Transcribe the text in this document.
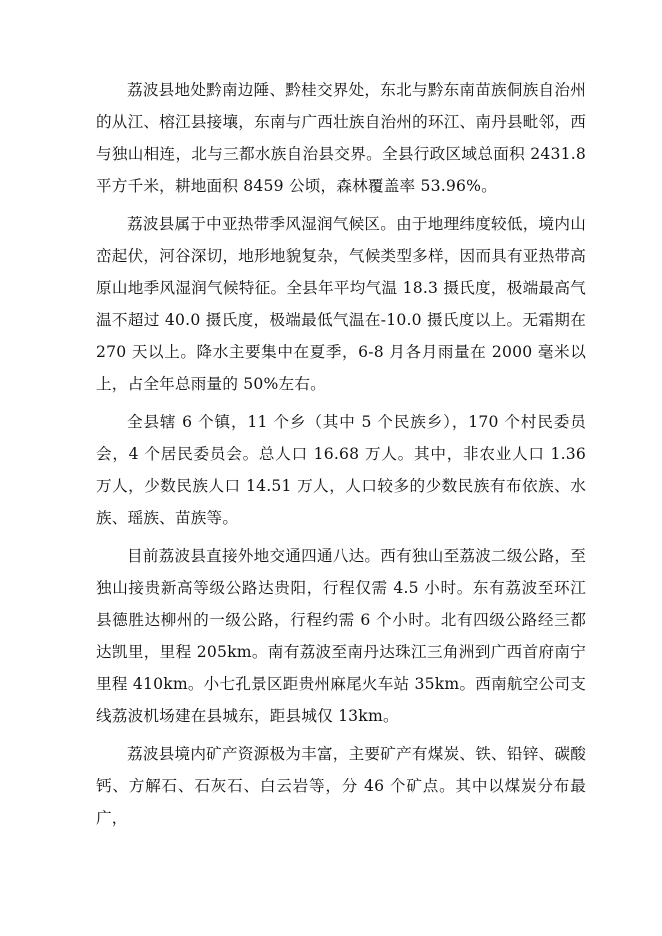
荔波县地处黔南边陲、黔桂交界处，东北与黔东南苗族侗族自治州的从江、榕江县接壤，东南与广西壮族自治州的环江、南丹县毗邻，西与独山相连，北与三都水族自治县交界。全县行政区域总面积 2431.8 平方千米，耕地面积 8459 公顷，森林覆盖率 53.96%。

荔波县属于中亚热带季风湿润气候区。由于地理纬度较低，境内山峦起伏，河谷深切，地形地貌复杂，气候类型多样，因而具有亚热带高原山地季风湿润气候特征。全县年平均气温 18.3 摄氏度，极端最高气温不超过 40.0 摄氏度，极端最低气温在-10.0 摄氏度以上。无霜期在 270 天以上。降水主要集中在夏季，6-8 月各月雨量在 2000 毫米以上，占全年总雨量的 50%左右。

全县辖 6 个镇，11 个乡（其中 5 个民族乡），170 个村民委员会，4 个居民委员会。总人口 16.68 万人。其中，非农业人口 1.36 万人，少数民族人口 14.51 万人，人口较多的少数民族有布依族、水族、瑶族、苗族等。

目前荔波县直接外地交通四通八达。西有独山至荔波二级公路，至独山接贵新高等级公路达贵阳，行程仅需 4.5 小时。东有荔波至环江县德胜达柳州的一级公路，行程约需 6 个小时。北有四级公路经三都达凯里，里程 205km。南有荔波至南丹达珠江三角洲到广西首府南宁里程 410km。小七孔景区距贵州麻尾火车站 35km。西南航空公司支线荔波机场建在县城东，距县城仅 13km。

荔波县境内矿产资源极为丰富，主要矿产有煤炭、铁、铅锌、碳酸钙、方解石、石灰石、白云岩等，分 46 个矿点。其中以煤炭分布最广，
